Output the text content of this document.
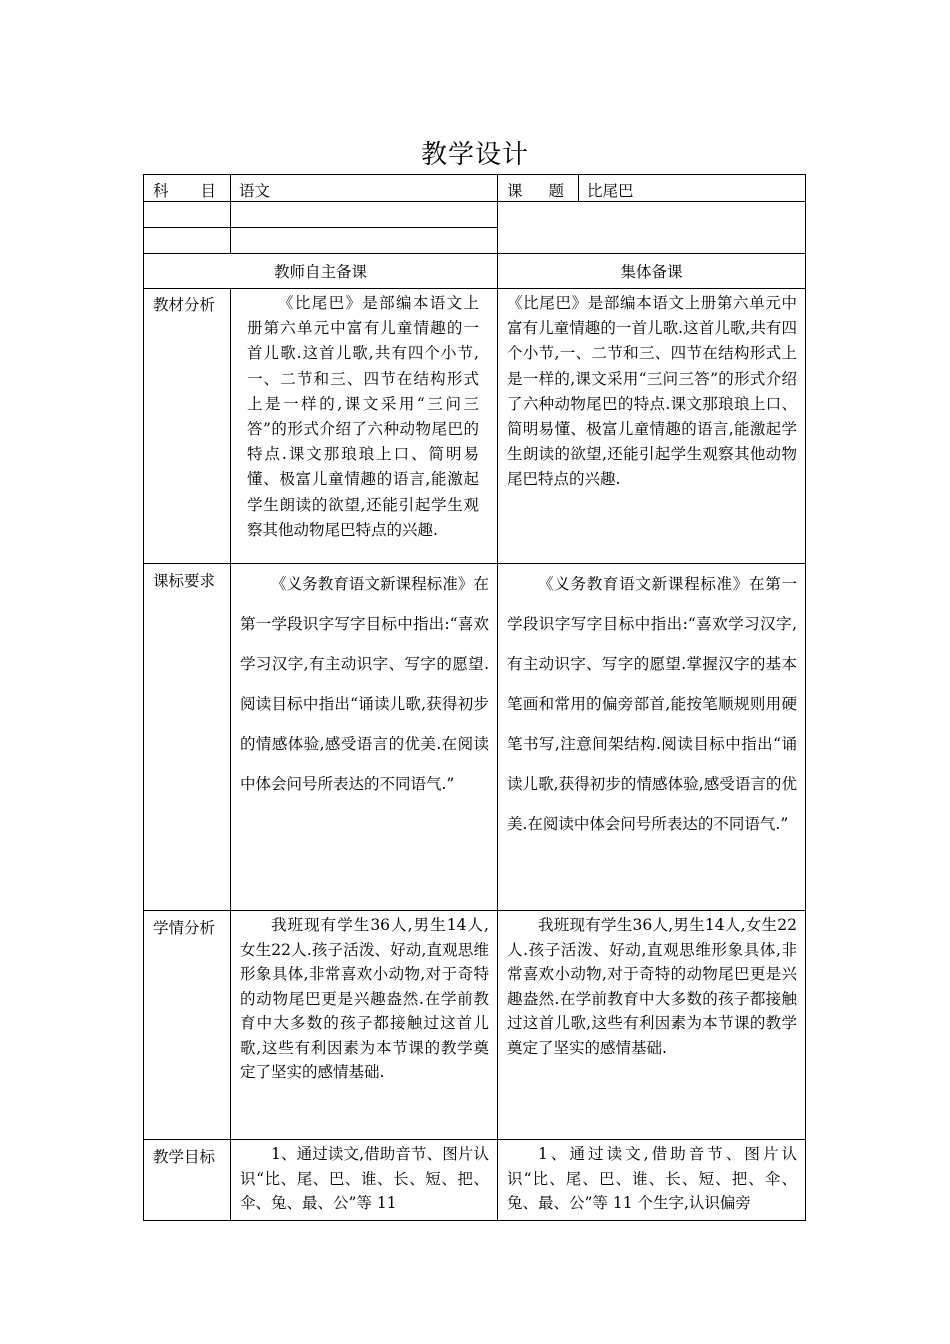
教学设计
科 目	语文	课 题	比尾巴

教师自主备课		集体备课	

教材分析	《比尾巴》是部编本语文上册第六单元中富有儿童情趣的一首儿歌.这首儿歌,共有四个小节,一、二节和三、四节在结构形式上是一样的,课文采用“三问三答”的形式介绍了六种动物尾巴的特点.课文那琅琅上口、简明易懂、极富儿童情趣的语言,能激起学生朗读的欲望,还能引起学生观察其他动物尾巴特点的兴趣.	《比尾巴》是部编本语文上册第六单元中富有儿童情趣的一首儿歌.这首儿歌,共有四个小节,一、二节和三、四节在结构形式上是一样的,课文采用“三问三答”的形式介绍了六种动物尾巴的特点.课文那琅琅上口、简明易懂、极富儿童情趣的语言,能激起学生朗读的欲望,还能引起学生观察其他动物尾巴特点的兴趣.	

课标要求	《义务教育语文新课程标准》在第一学段识字写字目标中指出:“喜欢学习汉字,有主动识字、写字的愿望.阅读目标中指出“诵读儿歌,获得初步的情感体验,感受语言的优美.在阅读中体会问号所表达的不同语气.”	《义务教育语文新课程标准》在第一学段识字写字目标中指出:“喜欢学习汉字,有主动识字、写字的愿望.掌握汉字的基本笔画和常用的偏旁部首,能按笔顺规则用硬笔书写,注意间架结构.阅读目标中指出“诵读儿歌,获得初步的情感体验,感受语言的优美.在阅读中体会问号所表达的不同语气.”	

学情分析	我班现有学生36人,男生14人,女生22人.孩子活泼、好动,直观思维形象具体,非常喜欢小动物,对于奇特的动物尾巴更是兴趣盎然.在学前教育中大多数的孩子都接触过这首儿歌,这些有利因素为本节课的教学奠定了坚实的感情基础.	我班现有学生36人,男生14人,女生22人.孩子活泼、好动,直观思维形象具体,非常喜欢小动物,对于奇特的动物尾巴更是兴趣盎然.在学前教育中大多数的孩子都接触过这首儿歌,这些有利因素为本节课的教学奠定了坚实的感情基础.	

教学目标	1、通过读文,借助音节、图片认识“比、尾、巴、谁、长、短、把、伞、兔、最、公”等 11	1、通过读文,借助音节、图片认识“比、尾、巴、谁、长、短、把、伞、兔、最、公”等 11 个生字,认识偏旁	
